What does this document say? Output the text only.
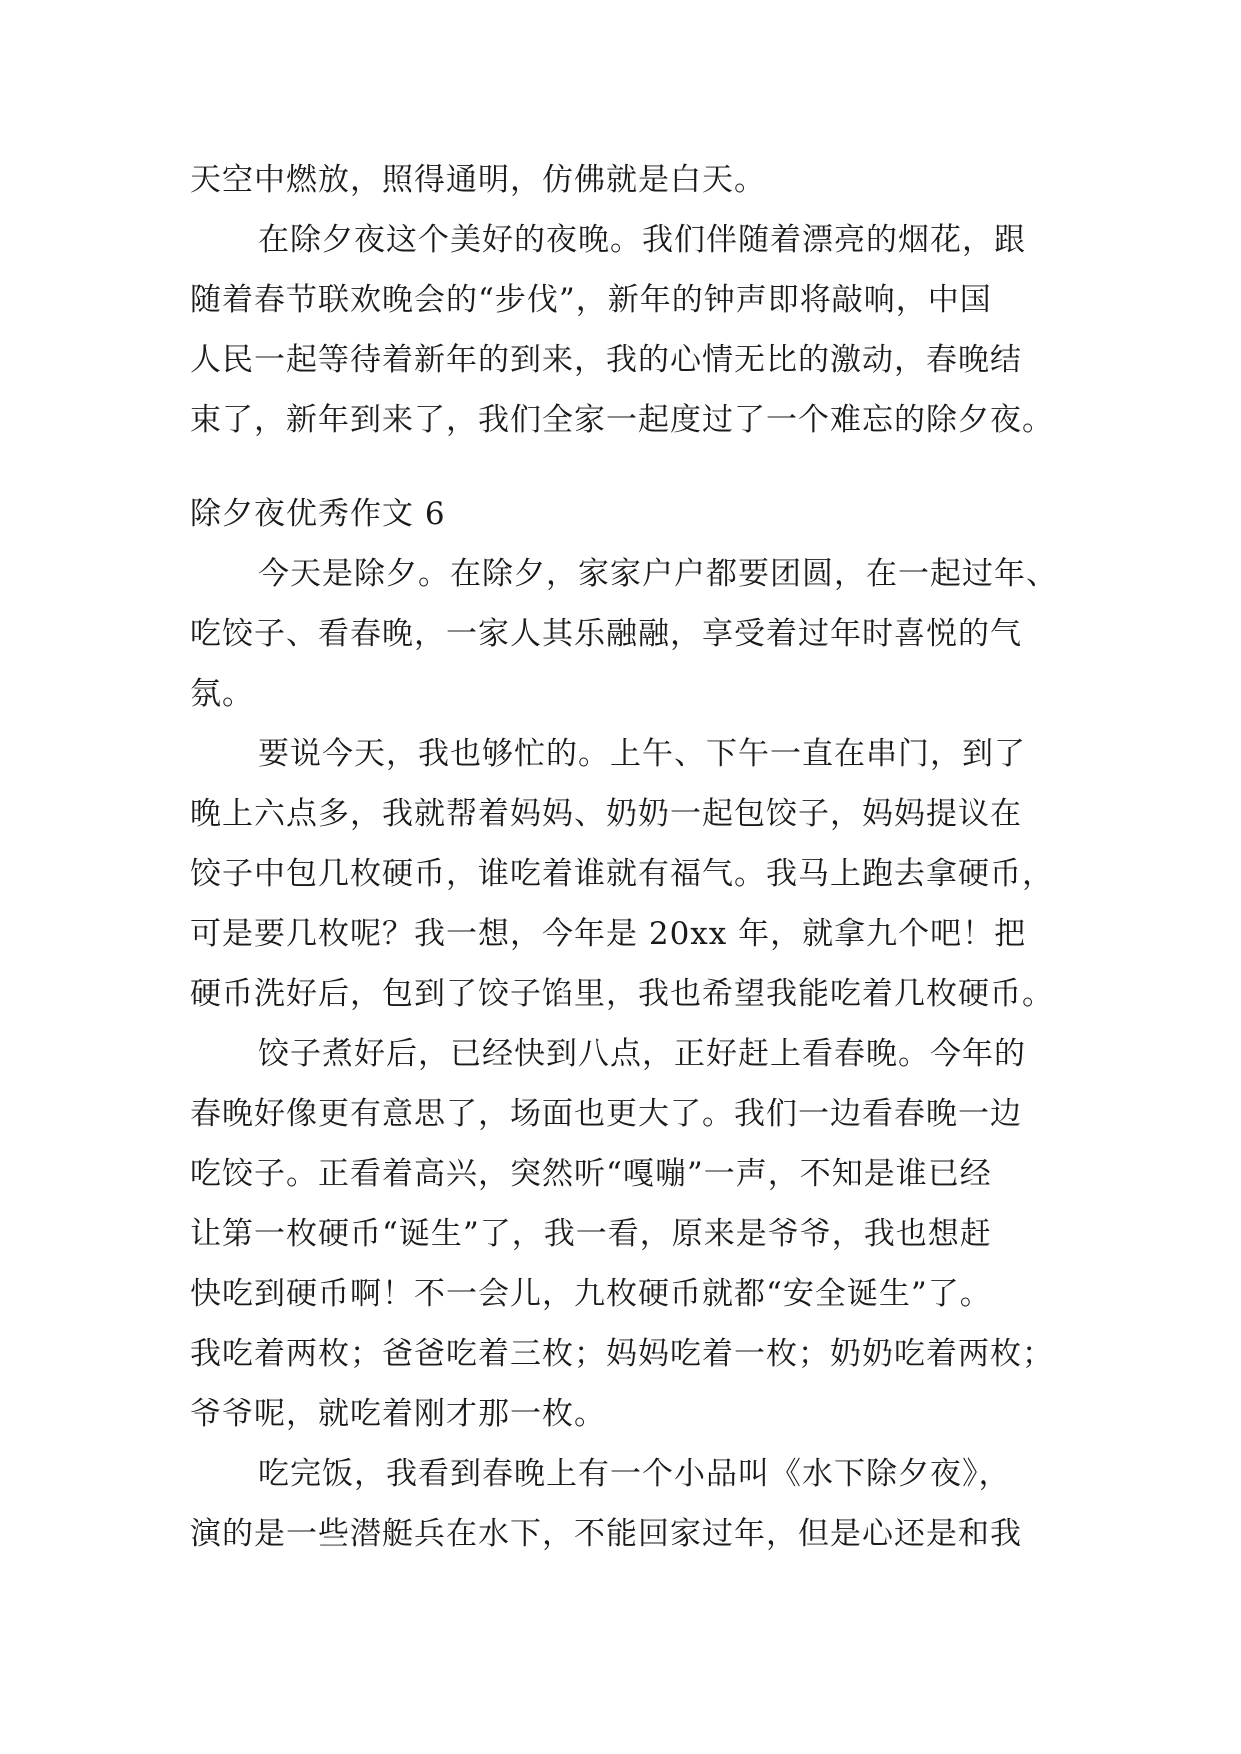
天空中燃放，照得通明，仿佛就是白天。
在除夕夜这个美好的夜晚。我们伴随着漂亮的烟花，跟
随着春节联欢晚会的“步伐”，新年的钟声即将敲响，中国
人民一起等待着新年的到来，我的心情无比的激动，春晚结
束了，新年到来了，我们全家一起度过了一个难忘的除夕夜。
除夕夜优秀作文 6
今天是除夕。在除夕，家家户户都要团圆，在一起过年、
吃饺子、看春晚，一家人其乐融融，享受着过年时喜悦的气
氛。
要说今天，我也够忙的。上午、下午一直在串门，到了
晚上六点多，我就帮着妈妈、奶奶一起包饺子，妈妈提议在
饺子中包几枚硬币，谁吃着谁就有福气。我马上跑去拿硬币，
可是要几枚呢？我一想，今年是 20xx 年，就拿九个吧！把
硬币洗好后，包到了饺子馅里，我也希望我能吃着几枚硬币。
饺子煮好后，已经快到八点，正好赶上看春晚。今年的
春晚好像更有意思了，场面也更大了。我们一边看春晚一边
吃饺子。正看着高兴，突然听“嘎嘣”一声，不知是谁已经
让第一枚硬币“诞生”了，我一看，原来是爷爷，我也想赶
快吃到硬币啊！不一会儿，九枚硬币就都“安全诞生”了。
我吃着两枚；爸爸吃着三枚；妈妈吃着一枚；奶奶吃着两枚；
爷爷呢，就吃着刚才那一枚。
吃完饭，我看到春晚上有一个小品叫《水下除夕夜》，
演的是一些潜艇兵在水下，不能回家过年，但是心还是和我
